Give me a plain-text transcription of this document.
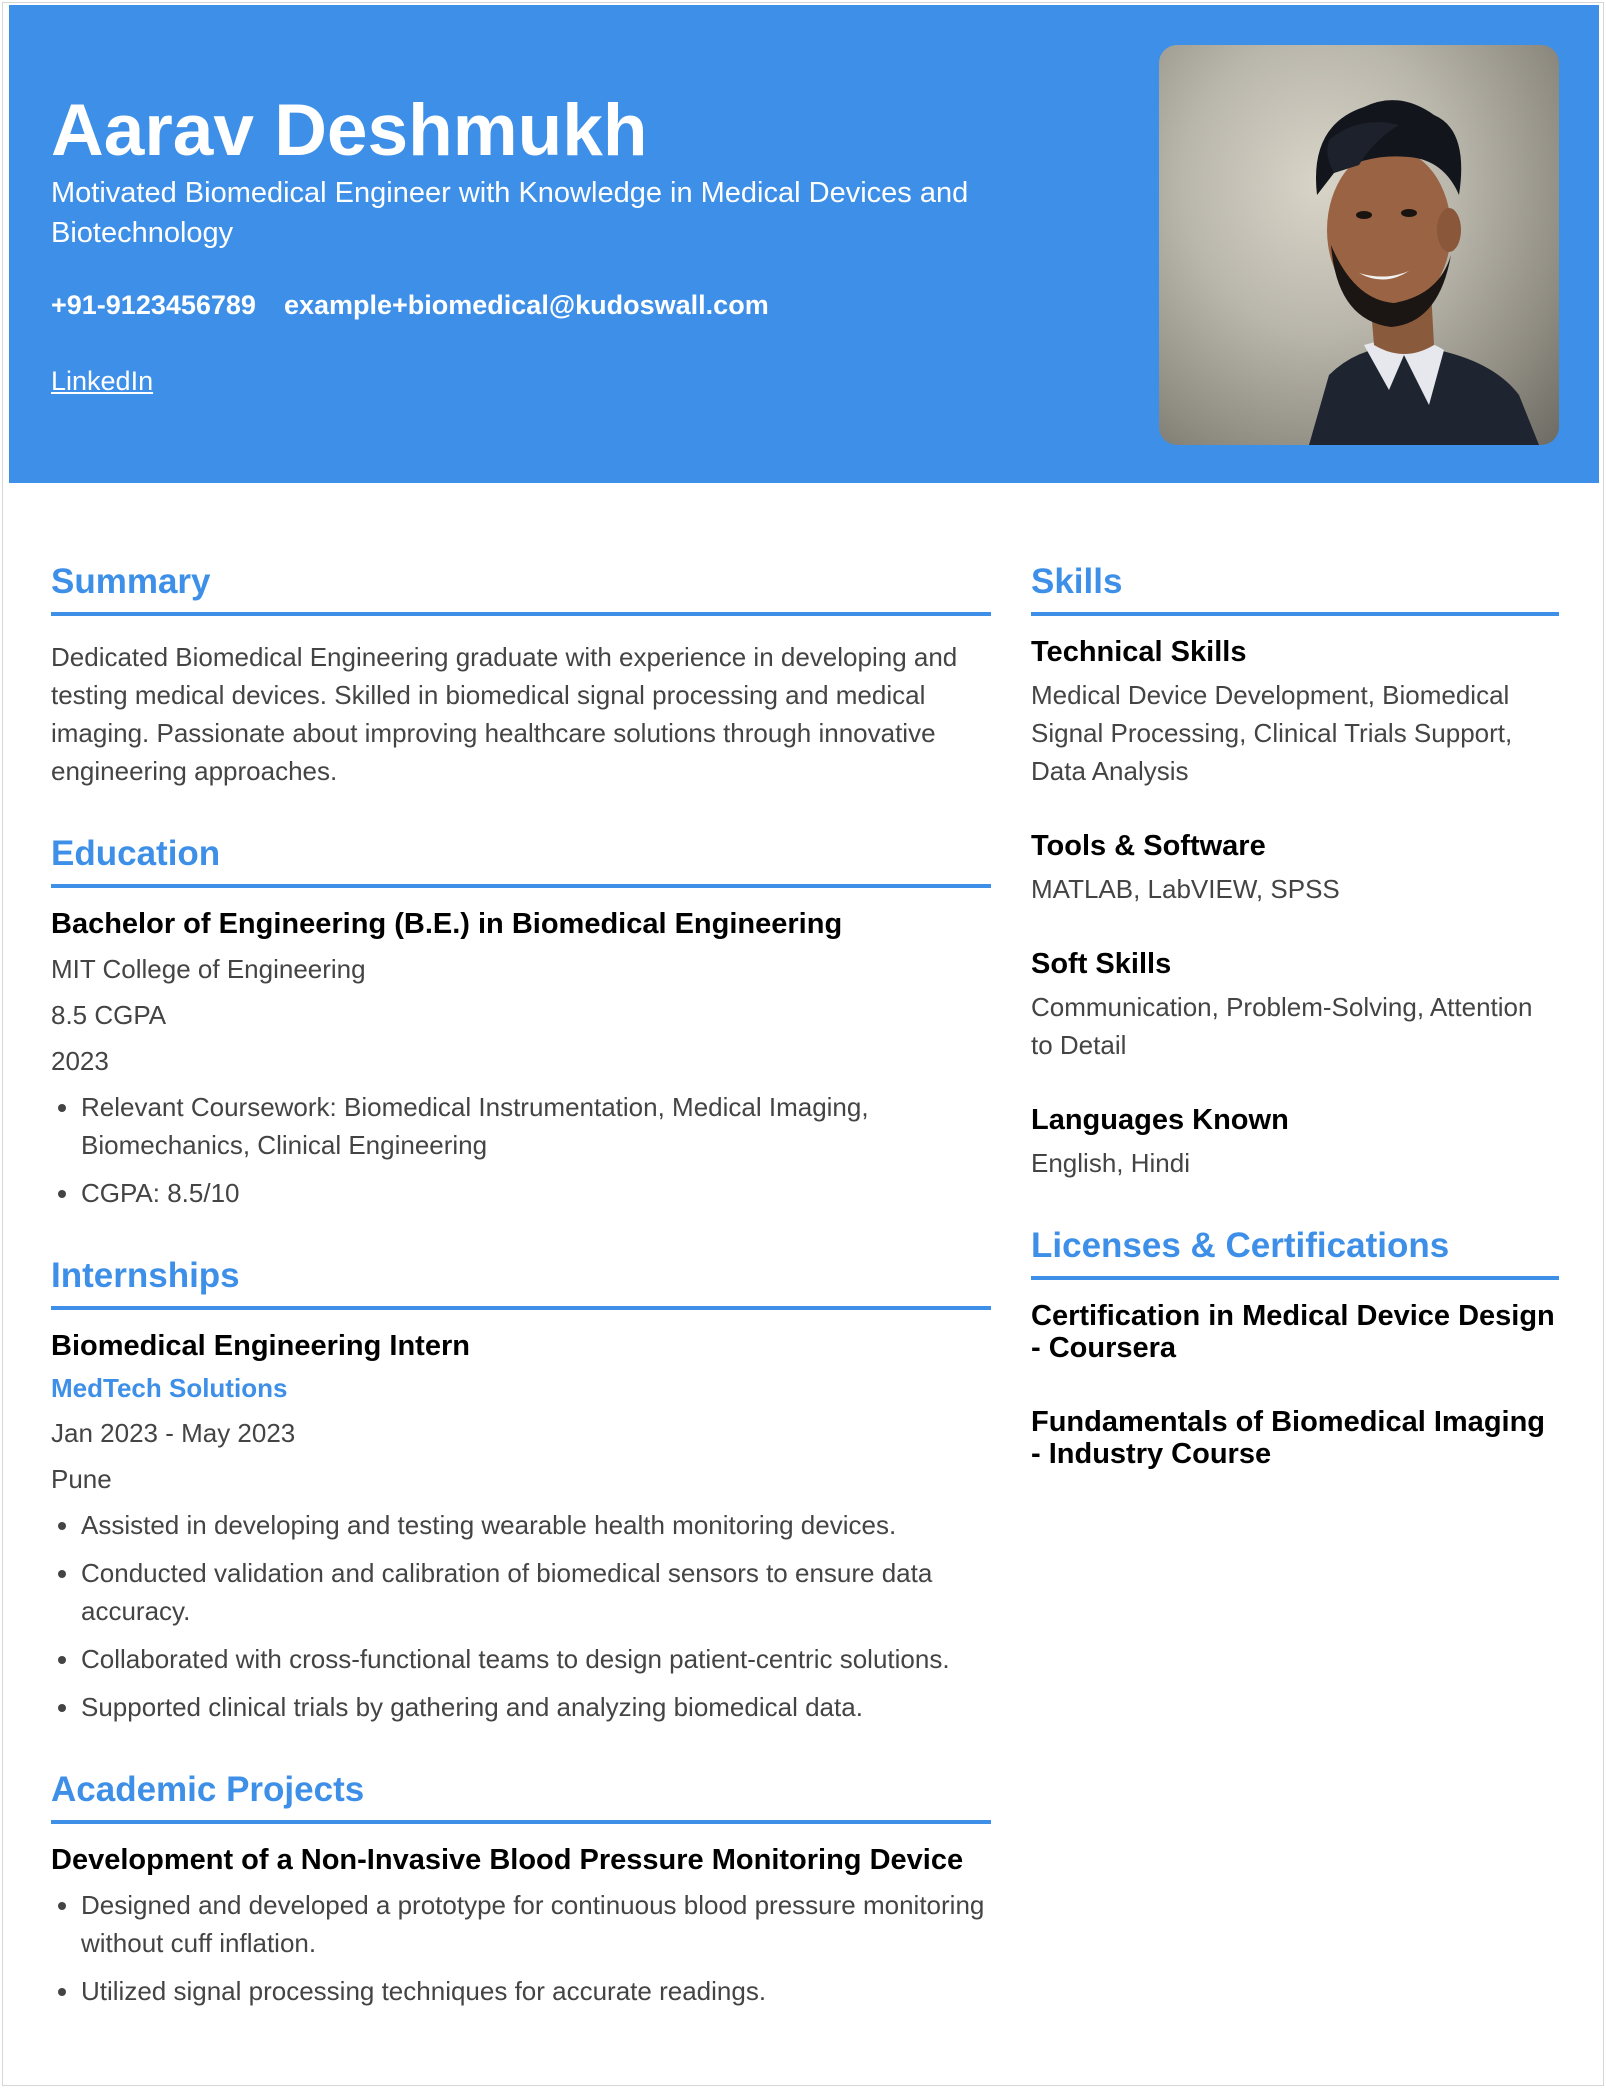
Aarav Deshmukh

Motivated Biomedical Engineer with Knowledge in Medical Devices and Biotechnology

+91-9123456789 example+biomedical@kudoswall.com
LinkedIn
Summary

Dedicated Biomedical Engineering graduate with experience in developing and testing medical devices. Skilled in biomedical signal processing and medical imaging. Passionate about improving healthcare solutions through innovative engineering approaches.

Education

Bachelor of Engineering (B.E.) in Biomedical Engineering

MIT College of Engineering

8.5 CGPA

2023

• Relevant Coursework: Biomedical Instrumentation, Medical Imaging, Biomechanics, Clinical Engineering
• CGPA: 8.5/10
Internships

Biomedical Engineering Intern

MedTech Solutions

Jan 2023 - May 2023

Pune

• Assisted in developing and testing wearable health monitoring devices.
• Conducted validation and calibration of biomedical sensors to ensure data accuracy.
• Collaborated with cross-functional teams to design patient-centric solutions.
• Supported clinical trials by gathering and analyzing biomedical data.
Academic Projects

Development of a Non-Invasive Blood Pressure Monitoring Device

• Designed and developed a prototype for continuous blood pressure monitoring without cuff inflation.
• Utilized signal processing techniques for accurate readings.
Skills

Technical Skills

Medical Device Development, Biomedical Signal Processing, Clinical Trials Support, Data Analysis

Tools & Software

MATLAB, LabVIEW, SPSS

Soft Skills

Communication, Problem-Solving, Attention to Detail

Languages Known

English, Hindi

Licenses & Certifications

Certification in Medical Device Design - Coursera

Fundamentals of Biomedical Imaging - Industry Course
